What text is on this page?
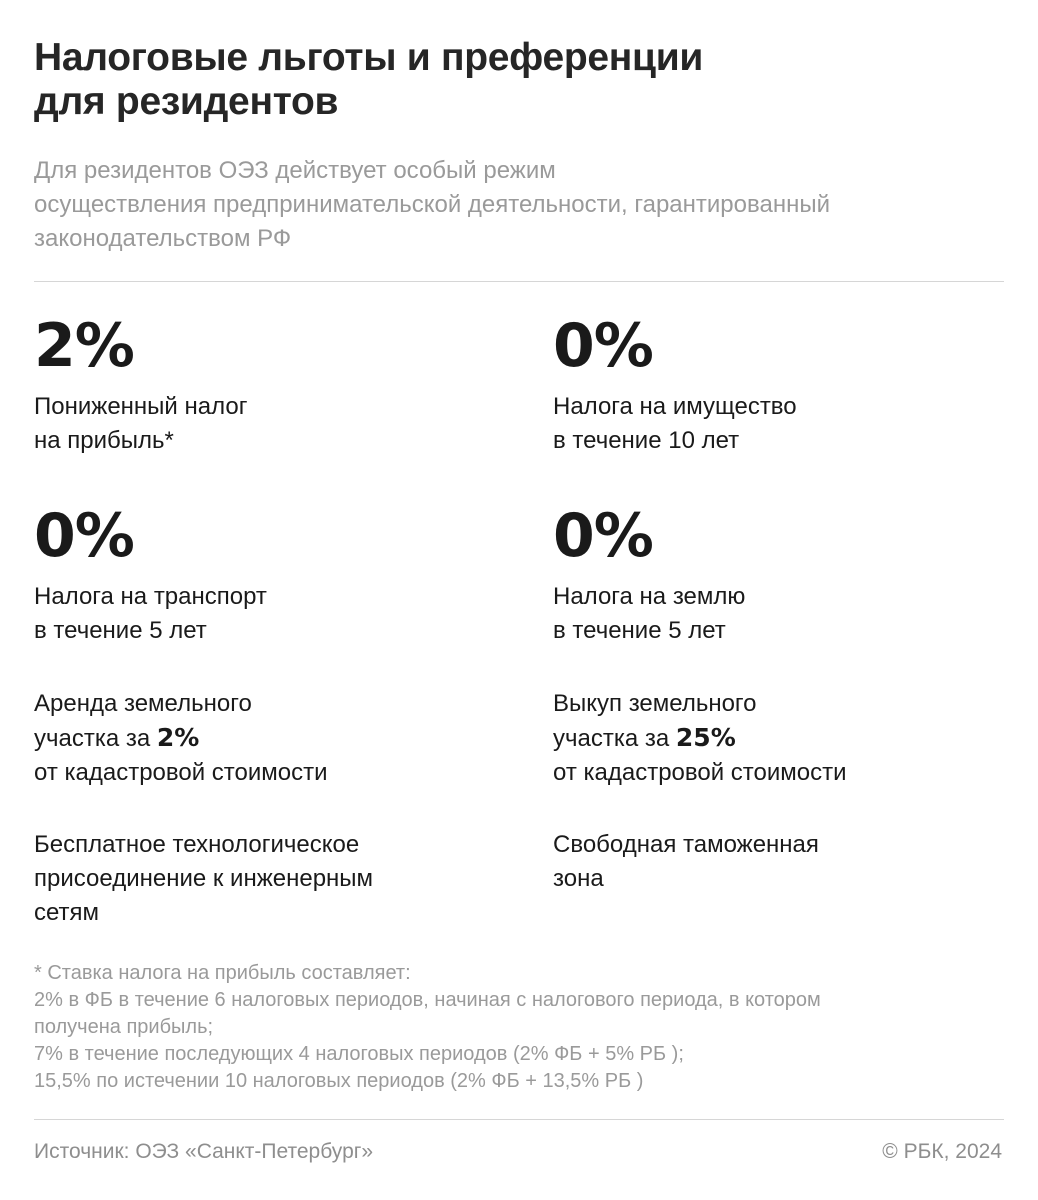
Налоговые льготы и преференции
для резидентов
Для резидентов ОЭЗ действует особый режим
осуществления предпринимательской деятельности, гарантированный
законодательством РФ
2%
Пониженный налог
на прибыль*
0%
Налога на имущество
в течение 10 лет
0%
Налога на транспорт
в течение 5 лет
0%
Налога на землю
в течение 5 лет
Аренда земельного
участка за 2%
от кадастровой стоимости
Выкуп земельного
участка за 25%
от кадастровой стоимости
Бесплатное технологическое
присоединение к инженерным
сетям
Свободная таможенная
зона
* Ставка налога на прибыль составляет:
2% в ФБ в течение 6 налоговых периодов, начиная с налогового периода, в котором
получена прибыль;
7% в течение последующих 4 налоговых периодов (2% ФБ + 5% РБ );
15,5% по истечении 10 налоговых периодов (2% ФБ + 13,5% РБ )
Источник: ОЭЗ «Санкт-Петербург»	© РБК, 2024
